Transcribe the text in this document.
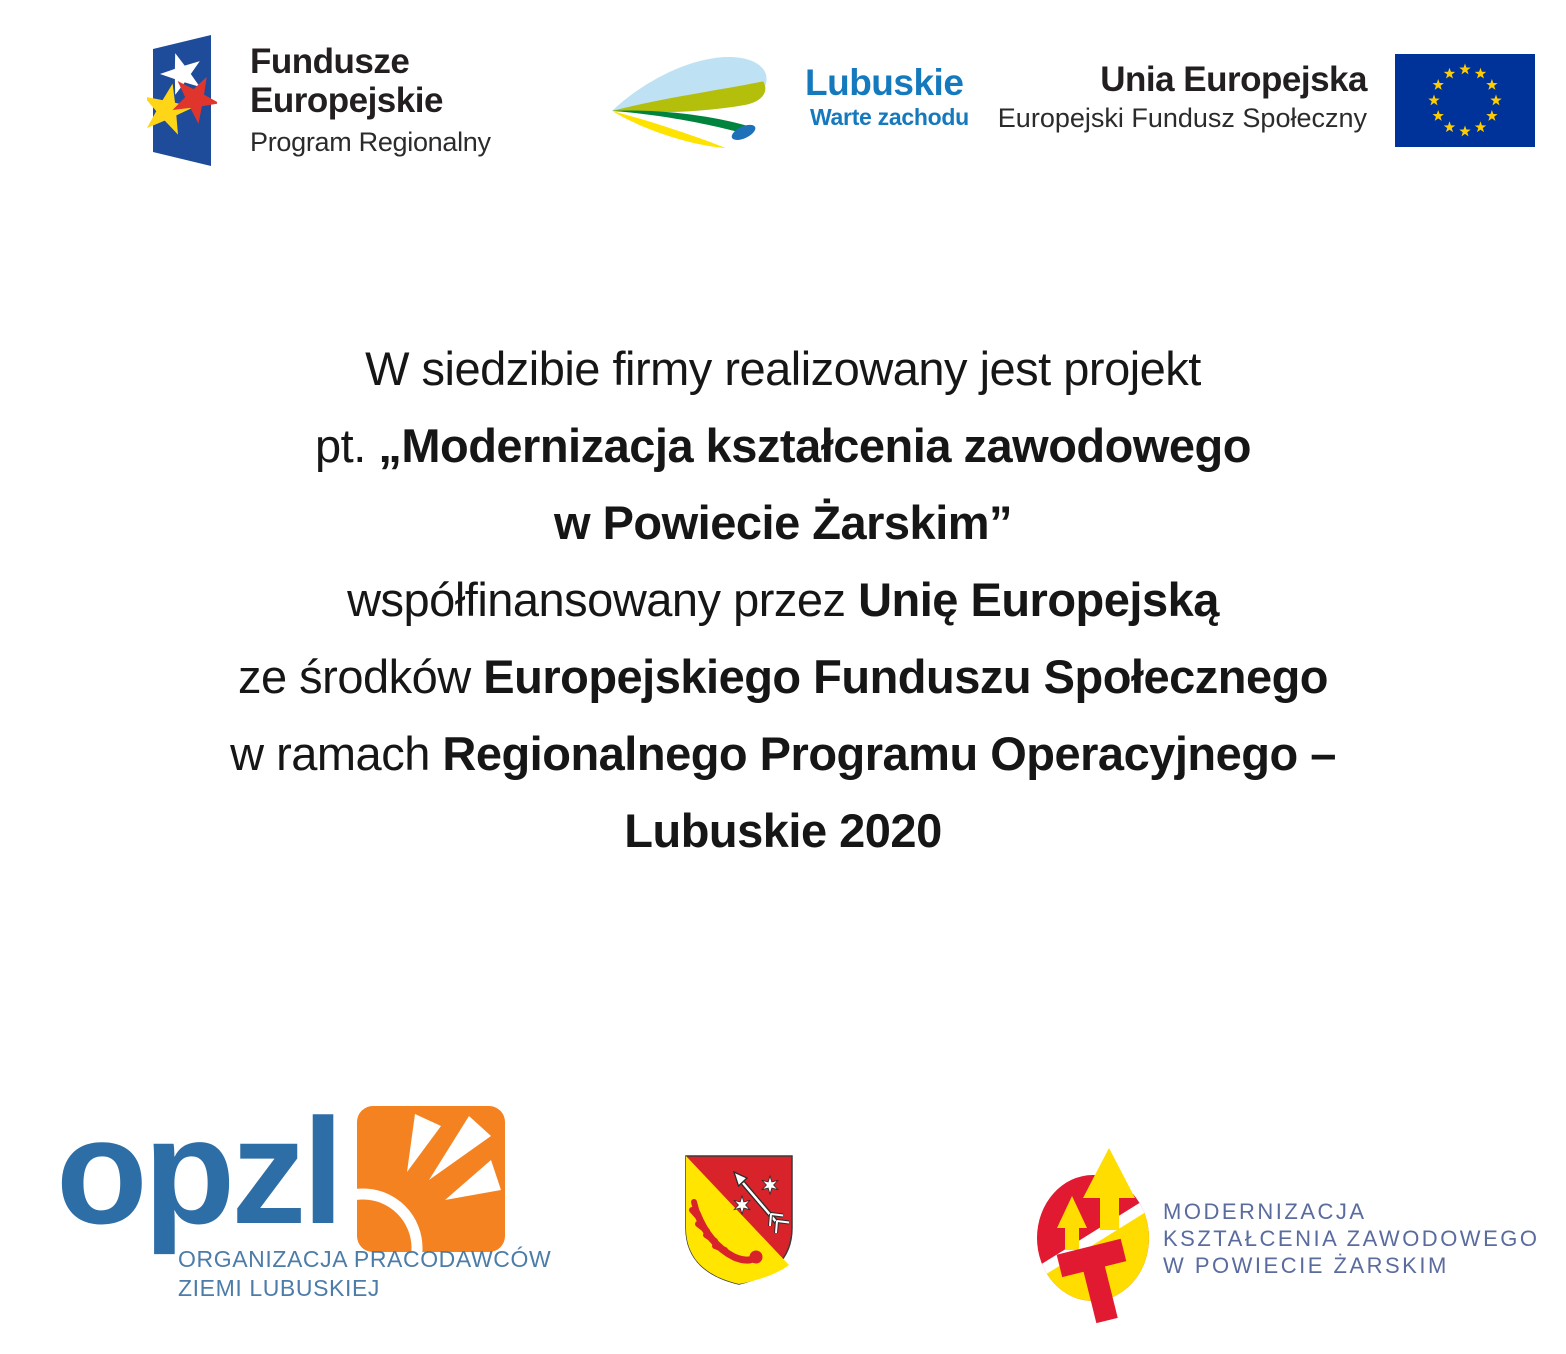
Fundusze
Europejskie
Program Regionalny
Lubuskie
Warte zachodu
Unia Europejska
Europejski Fundusz Społeczny
W siedzibie firmy realizowany jest projekt
pt. „Modernizacja kształcenia zawodowego
w Powiecie Żarskim”
współfinansowany przez Unię Europejską
ze środków Europejskiego Funduszu Społecznego
w ramach Regionalnego Programu Operacyjnego –
Lubuskie 2020
opzl
ORGANIZACJA PRACODAWCÓW
ZIEMI LUBUSKIEJ
MODERNIZACJA
KSZTAŁCENIA ZAWODOWEGO
W POWIECIE ŻARSKIM
